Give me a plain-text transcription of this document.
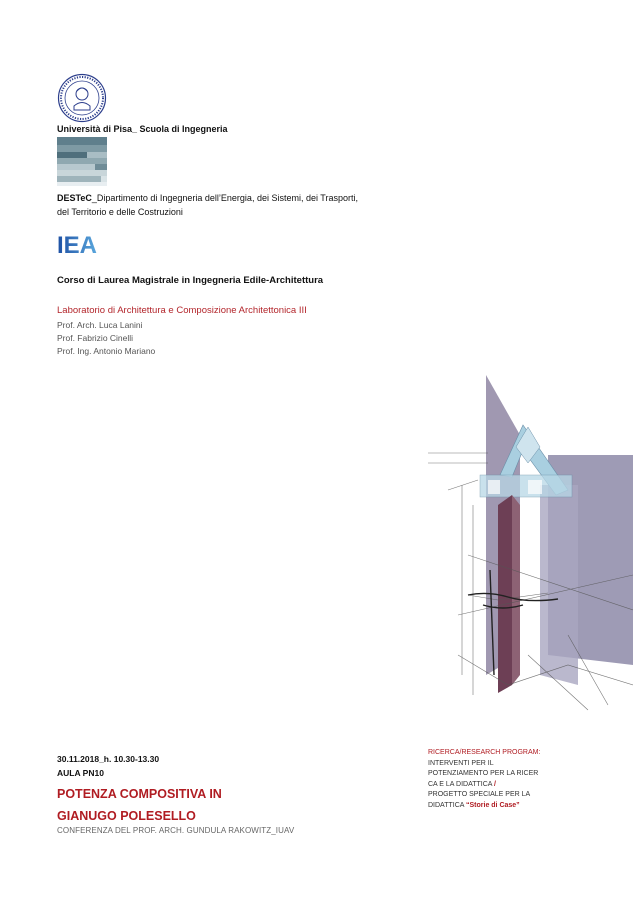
Università di Pisa_ Scuola di Ingegneria
DESTeC_Dipartimento di Ingegneria dell’Energia, dei Sistemi, dei Trasporti,
del Territorio e delle Costruzioni
IEA
Corso di Laurea Magistrale in Ingegneria Edile-Architettura
Laboratorio di Architettura e Composizione Architettonica III
Prof. Arch. Luca Lanini
Prof. Fabrizio Cinelli
Prof. Ing. Antonio Mariano
30.11.2018_h. 10.30-13.30
AULA PN10
POTENZA COMPOSITIVA IN
GIANUGO POLESELLO
CONFERENZA DEL PROF. ARCH. GUNDULA RAKOWITZ_IUAV
RICERCA/RESEARCH PROGRAM:
INTERVENTI PER IL
POTENZIAMENTO PER LA RICER
CA E LA DIDATTICA /
PROGETTO SPECIALE PER LA
DIDATTICA “Storie di Case”
